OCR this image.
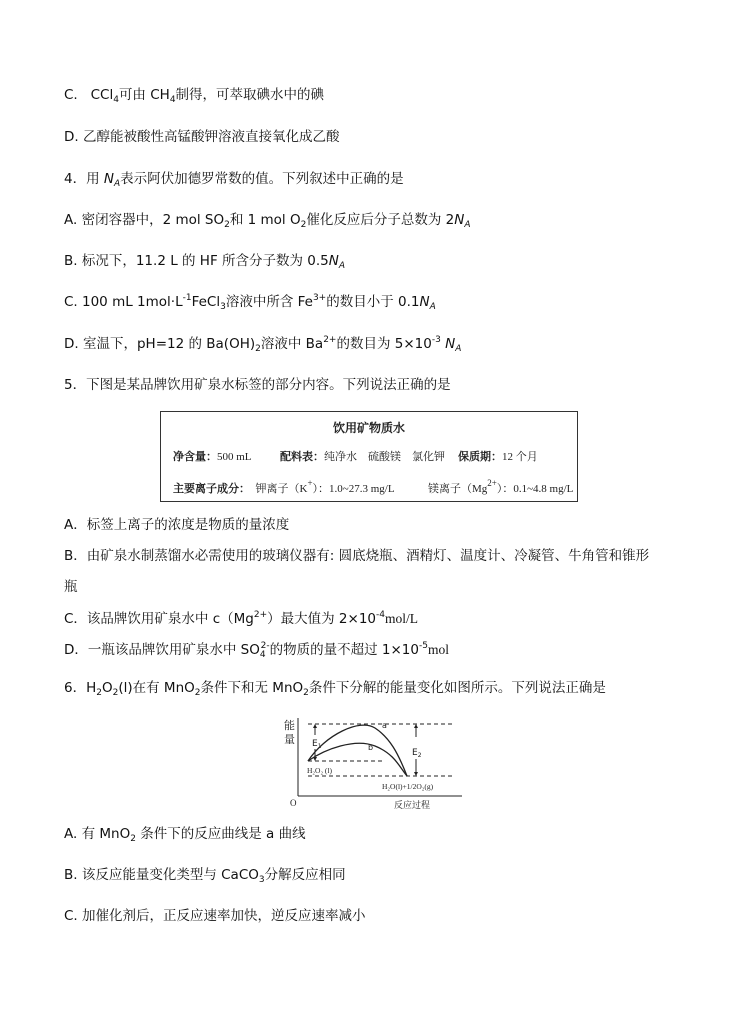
C. CCl$_4$可由 $CH_4$制得，可萃取碘水中的碘
D. 乙醇能被酸性高锰酸钾溶液直接氧化成乙酸
4．用 $N_A$表示阿伏加德罗常数的值。下列叙述中正确的是
A. 密闭容器中，2 mol $SO_2$和 1 mol $O_2$催化反应后分子总数为 $2N_A$
B. 标况下，11.2 L 的 HF 所含分子数为 $0.5N_A$
C. 100 mL $1mol\cdot L^{-1}FeCl_3$溶液中所含 $Fe^{3+}$的数目小于 $0.1N_A$
D. 室温下，pH=12 的 $Ba(OH)_2$溶液中 $Ba^{2+}$的数目为 $5\times 10^{-3}$ $N_A$
5．下图是某品牌饮用矿泉水标签的部分内容。下列说法正确的是
饮用矿物质水
净含量：500 mL	配料表：纯净水　硫酸镁　氯化钾 保质期：12 个月
主要离子成分： 钾离子（K+）：1.0~27.3 mg/L	镁离子$(Mg^{2+})$：0.1~4.8 mg/L
A．标签上离子的浓度是物质的量浓度
B．由矿泉水制蒸馏水必需使用的玻璃仪器有: 圆底烧瓶、酒精灯、温度计、冷凝管、牛角管和锥形
瓶
C．该品牌饮用矿泉水中 $c(Mg^{2+})$最大值为 $2\times 10^{-4}mol/L$
D．一瓶该品牌饮用矿泉水中 $SO_4^{2-}$的物质的量不超过 $1\times 10^{-5}mol$
6．$H_2O_2(l)$在有 MnO$_2$条件下和无 MnO$_2$条件下分解的能量变化如图所示。下列说法正确是
能
量
O
a
b
$E_1$
$E_2$
H₂O₂ (l)
H₂O(l)+1/2O₂(g)
反应过程
A. 有 MnO$_2$ 条件下的反应曲线是 a 曲线
B. 该反应能量变化类型与 CaCO$_3$分解反应相同
C. 加催化剂后，正反应速率加快，逆反应速率减小
